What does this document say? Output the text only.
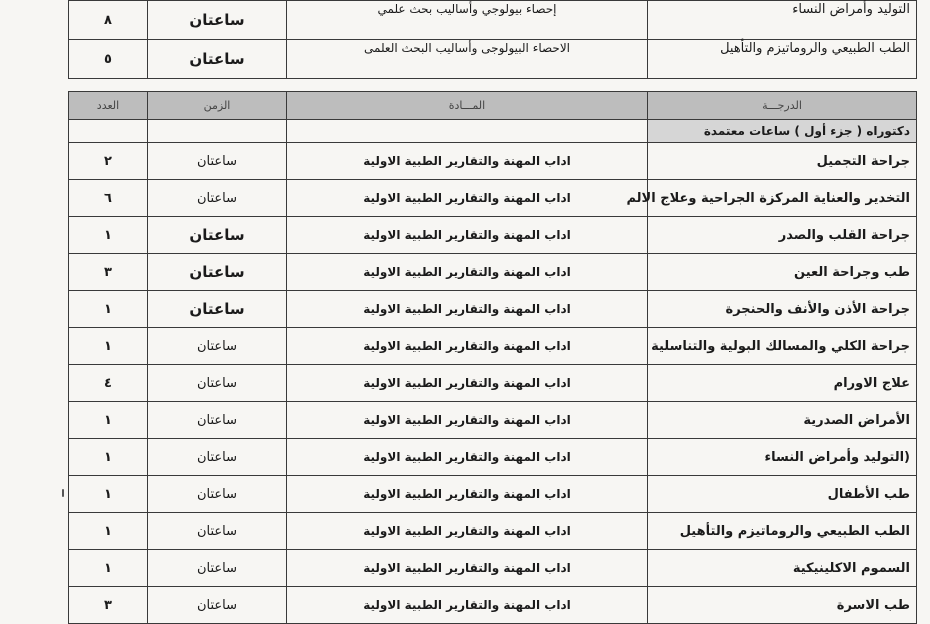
التوليد وأمراض النساء	إحصاء بيولوجي وأساليب بحث علمي	ساعتان	٨
الطب الطبيعي والروماتيزم والتأهيل	الاحصاء البيولوجى وأساليب البحث العلمى	ساعتان	٥
الدرجـــة	المـــادة	الزمن	العدد
دكتوراه ( جزء أول ) ساعات معتمدة			
جراحة التجميل	اداب المهنة والتقارير الطبية الاولية	ساعتان	٢
التخدير والعناية المركزة الجراحية وعلاج الالم	اداب المهنة والتقارير الطبية الاولية	ساعتان	٦
جراحة القلب والصدر	اداب المهنة والتقارير الطبية الاولية	ساعتان	١
طب وجراحة العين	اداب المهنة والتقارير الطبية الاولية	ساعتان	٣
جراحة الأذن والأنف والحنجرة	اداب المهنة والتقارير الطبية الاولية	ساعتان	١
جراحة الكلي والمسالك البولية والتناسلية	اداب المهنة والتقارير الطبية الاولية	ساعتان	١
علاج الاورام	اداب المهنة والتقارير الطبية الاولية	ساعتان	٤
الأمراض الصدرية	اداب المهنة والتقارير الطبية الاولية	ساعتان	١
(التوليد وأمراض النساء	اداب المهنة والتقارير الطبية الاولية	ساعتان	١
طب الأطفال	اداب المهنة والتقارير الطبية الاولية	ساعتان	١
الطب الطبيعي والروماتيزم والتأهيل	اداب المهنة والتقارير الطبية الاولية	ساعتان	١
السموم الاكلينيكية	اداب المهنة والتقارير الطبية الاولية	ساعتان	١
طب الاسرة	اداب المهنة والتقارير الطبية الاولية	ساعتان	٣
